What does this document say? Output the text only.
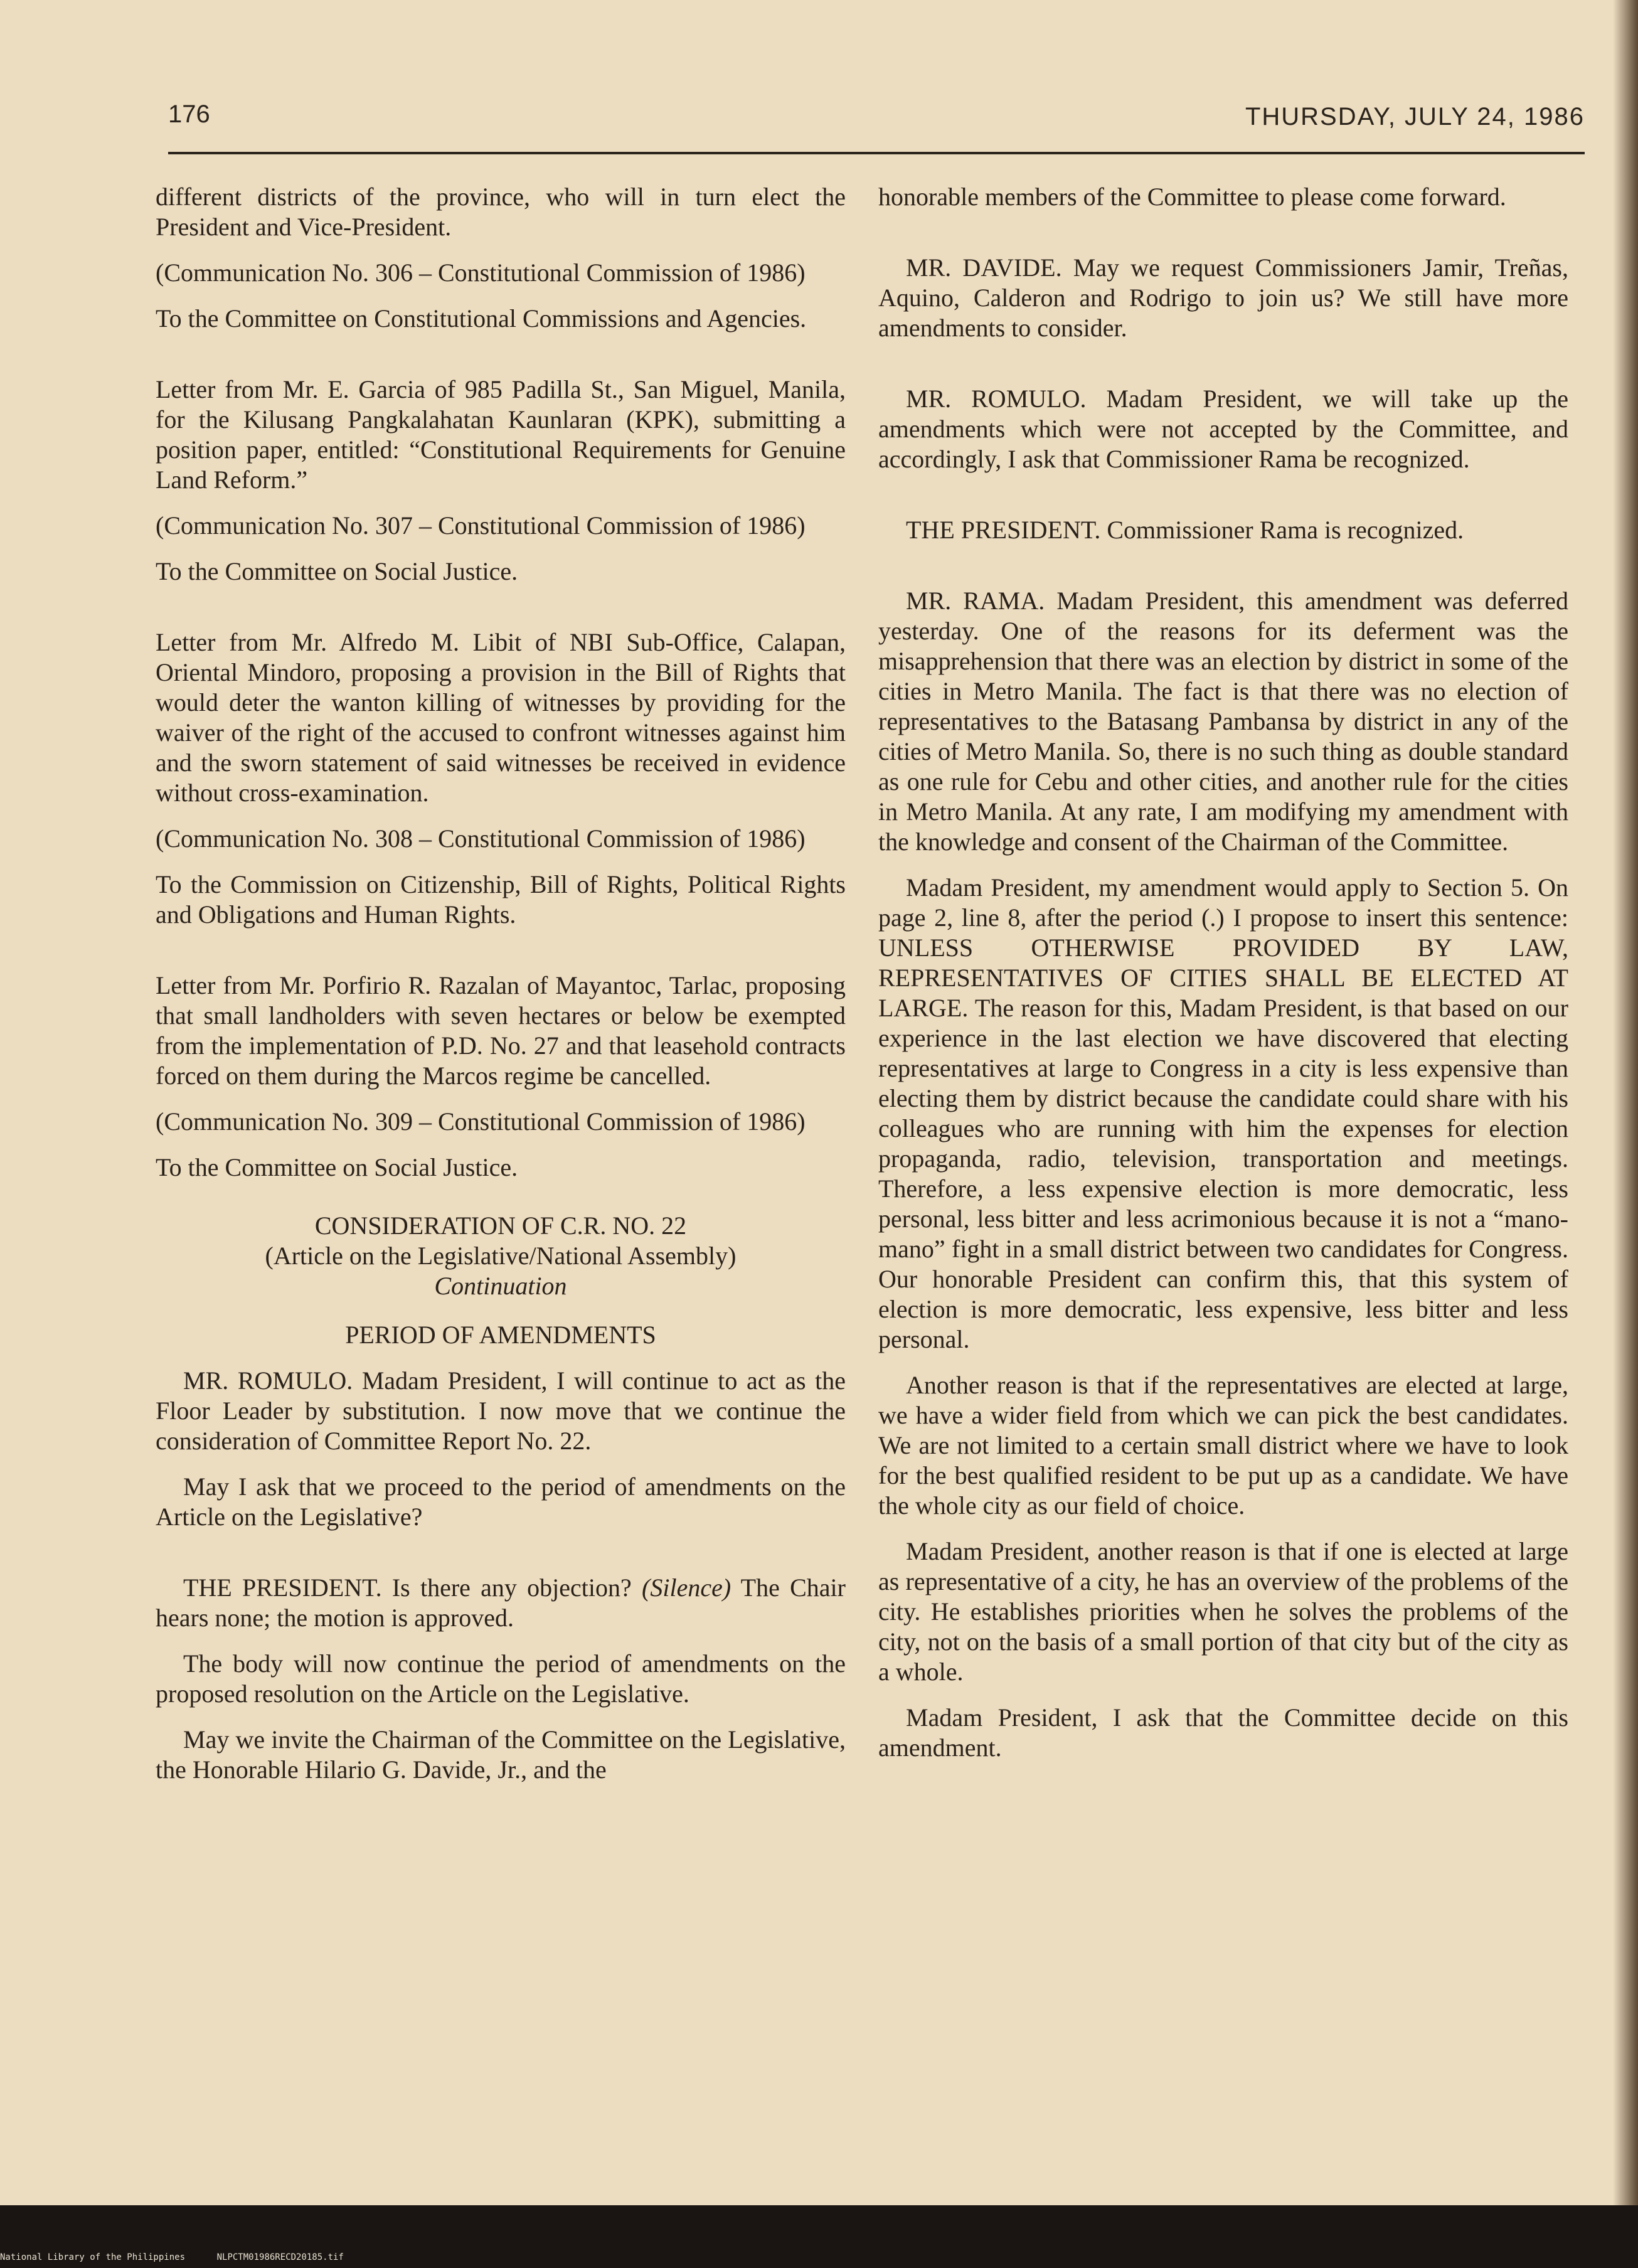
176	THURSDAY, JULY 24, 1986

different districts of the province, who will in turn elect the President and Vice-President.

(Communication No. 306 – Constitutional Commission of 1986)

To the Committee on Constitutional Commissions and Agencies.

Letter from Mr. E. Garcia of 985 Padilla St., San Miguel, Manila, for the Kilusang Pangkalahatan Kaunlaran (KPK), submitting a position paper, entitled: “Constitutional Requirements for Genuine Land Reform.”

(Communication No. 307 – Constitutional Commission of 1986)

To the Committee on Social Justice.

Letter from Mr. Alfredo M. Libit of NBI Sub-Office, Calapan, Oriental Mindoro, proposing a provision in the Bill of Rights that would deter the wanton killing of witnesses by providing for the waiver of the right of the accused to confront witnesses against him and the sworn statement of said witnesses be received in evidence without cross-examination.

(Communication No. 308 – Constitutional Commission of 1986)

To the Commission on Citizenship, Bill of Rights, Political Rights and Obligations and Human Rights.

Letter from Mr. Porfirio R. Razalan of Mayantoc, Tarlac, proposing that small landholders with seven hectares or below be exempted from the implementation of P.D. No. 27 and that leasehold contracts forced on them during the Marcos regime be cancelled.

(Communication No. 309 – Constitutional Commission of 1986)

To the Committee on Social Justice.

CONSIDERATION OF C.R. NO. 22

(Article on the Legislative/National Assembly)

Continuation

PERIOD OF AMENDMENTS

MR. ROMULO. Madam President, I will continue to act as the Floor Leader by substitution. I now move that we continue the consideration of Committee Report No. 22.

May I ask that we proceed to the period of amendments on the Article on the Legislative?

THE PRESIDENT. Is there any objection? (Silence) The Chair hears none; the motion is approved.

The body will now continue the period of amendments on the proposed resolution on the Article on the Legislative.

May we invite the Chairman of the Committee on the Legislative, the Honorable Hilario G. Davide, Jr., and the

honorable members of the Committee to please come forward.

MR. DAVIDE. May we request Commissioners Jamir, Treñas, Aquino, Calderon and Rodrigo to join us? We still have more amendments to consider.

MR. ROMULO. Madam President, we will take up the amendments which were not accepted by the Committee, and accordingly, I ask that Commissioner Rama be recognized.

THE PRESIDENT. Commissioner Rama is recognized.

MR. RAMA. Madam President, this amendment was deferred yesterday. One of the reasons for its deferment was the misapprehension that there was an election by district in some of the cities in Metro Manila. The fact is that there was no election of representatives to the Batasang Pambansa by district in any of the cities of Metro Manila. So, there is no such thing as double standard as one rule for Cebu and other cities, and another rule for the cities in Metro Manila. At any rate, I am modifying my amendment with the knowledge and consent of the Chairman of the Committee.

Madam President, my amendment would apply to Section 5. On page 2, line 8, after the period (.) I propose to insert this sentence: UNLESS OTHERWISE PROVIDED BY LAW, REPRESENTATIVES OF CITIES SHALL BE ELECTED AT LARGE. The reason for this, Madam President, is that based on our experience in the last election we have discovered that electing representatives at large to Congress in a city is less expensive than electing them by district because the candidate could share with his colleagues who are running with him the expenses for election propaganda, radio, television, transportation and meetings. Therefore, a less expensive election is more democratic, less personal, less bitter and less acrimonious because it is not a “mano-mano” fight in a small district between two candidates for Congress. Our honorable President can confirm this, that this system of election is more democratic, less expensive, less bitter and less personal.

Another reason is that if the representatives are elected at large, we have a wider field from which we can pick the best candidates. We are not limited to a certain small district where we have to look for the best qualified resident to be put up as a candidate. We have the whole city as our field of choice.

Madam President, another reason is that if one is elected at large as representative of a city, he has an overview of the problems of the city. He establishes priorities when he solves the problems of the city, not on the basis of a small portion of that city but of the city as a whole.

Madam President, I ask that the Committee decide on this amendment.

National Library of the Philippines	NLPCTM01986RECD20185.tif
